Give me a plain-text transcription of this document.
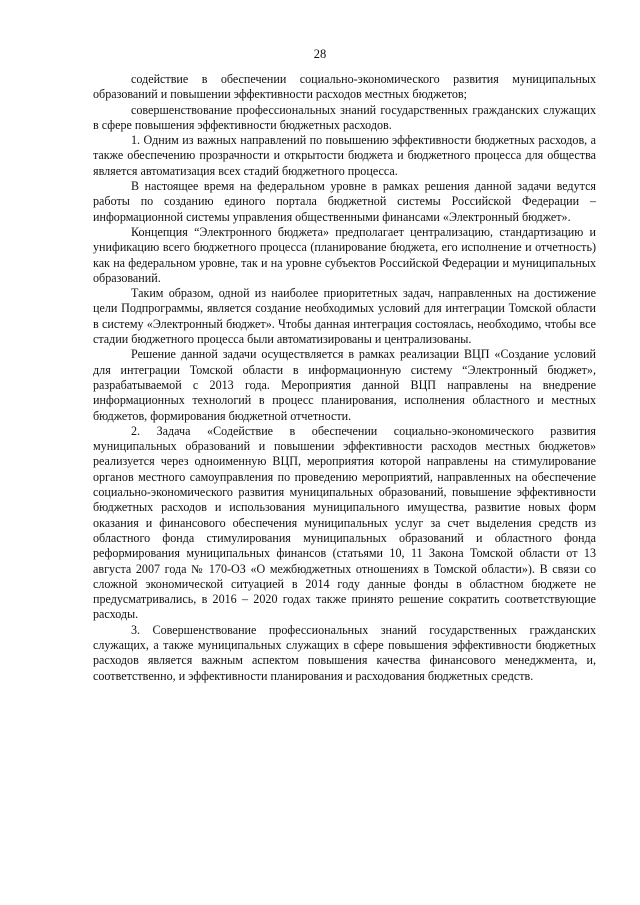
28

содействие в обеспечении социально-экономического развития муниципальных образований и повышении эффективности расходов местных бюджетов;

совершенствование профессиональных знаний государственных гражданских служащих в сфере повышения эффективности бюджетных расходов.

1. Одним из важных направлений по повышению эффективности бюджетных расходов, а также обеспечению прозрачности и открытости бюджета и бюджетного процесса для общества является автоматизация всех стадий бюджетного процесса.

В настоящее время на федеральном уровне в рамках решения данной задачи ведутся работы по созданию единого портала бюджетной системы Российской Федерации – информационной системы управления общественными финансами «Электронный бюджет».

Концепция “Электронного бюджета» предполагает централизацию, стандартизацию и унификацию всего бюджетного процесса (планирование бюджета, его исполнение и отчетность) как на федеральном уровне, так и на уровне субъектов Российской Федерации и муниципальных образований.

Таким образом, одной из наиболее приоритетных задач, направленных на достижение цели Подпрограммы, является создание необходимых условий для интеграции Томской области в систему «Электронный бюджет». Чтобы данная интеграция состоялась, необходимо, чтобы все стадии бюджетного процесса были автоматизированы и централизованы.

Решение данной задачи осуществляется в рамках реализации ВЦП «Создание условий для интеграции Томской области в информационную систему “Электронный бюджет», разрабатываемой с 2013 года. Мероприятия данной ВЦП направлены на внедрение информационных технологий в процесс планирования, исполнения областного и местных бюджетов, формирования бюджетной отчетности.

2. Задача «Содействие в обеспечении социально-экономического развития муниципальных образований и повышении эффективности расходов местных бюджетов» реализуется через одноименную ВЦП, мероприятия которой направлены на стимулирование органов местного самоуправления по проведению мероприятий, направленных на обеспечение социально-экономического развития муниципальных образований, повышение эффективности бюджетных расходов и использования муниципального имущества, развитие новых форм оказания и финансового обеспечения муниципальных услуг за счет выделения средств из областного фонда стимулирования муниципальных образований и областного фонда реформирования муниципальных финансов (статьями 10, 11 Закона Томской области от 13 августа 2007 года № 170-ОЗ «О межбюджетных отношениях в Томской области»). В связи со сложной экономической ситуацией в 2014 году данные фонды в областном бюджете не предусматривались, в 2016 – 2020 годах также принято решение сократить соответствующие расходы.

3. Совершенствование профессиональных знаний государственных гражданских служащих, а также муниципальных служащих в сфере повышения эффективности бюджетных расходов является важным аспектом повышения качества финансового менеджмента, и, соответственно, и эффективности планирования и расходования бюджетных средств.
